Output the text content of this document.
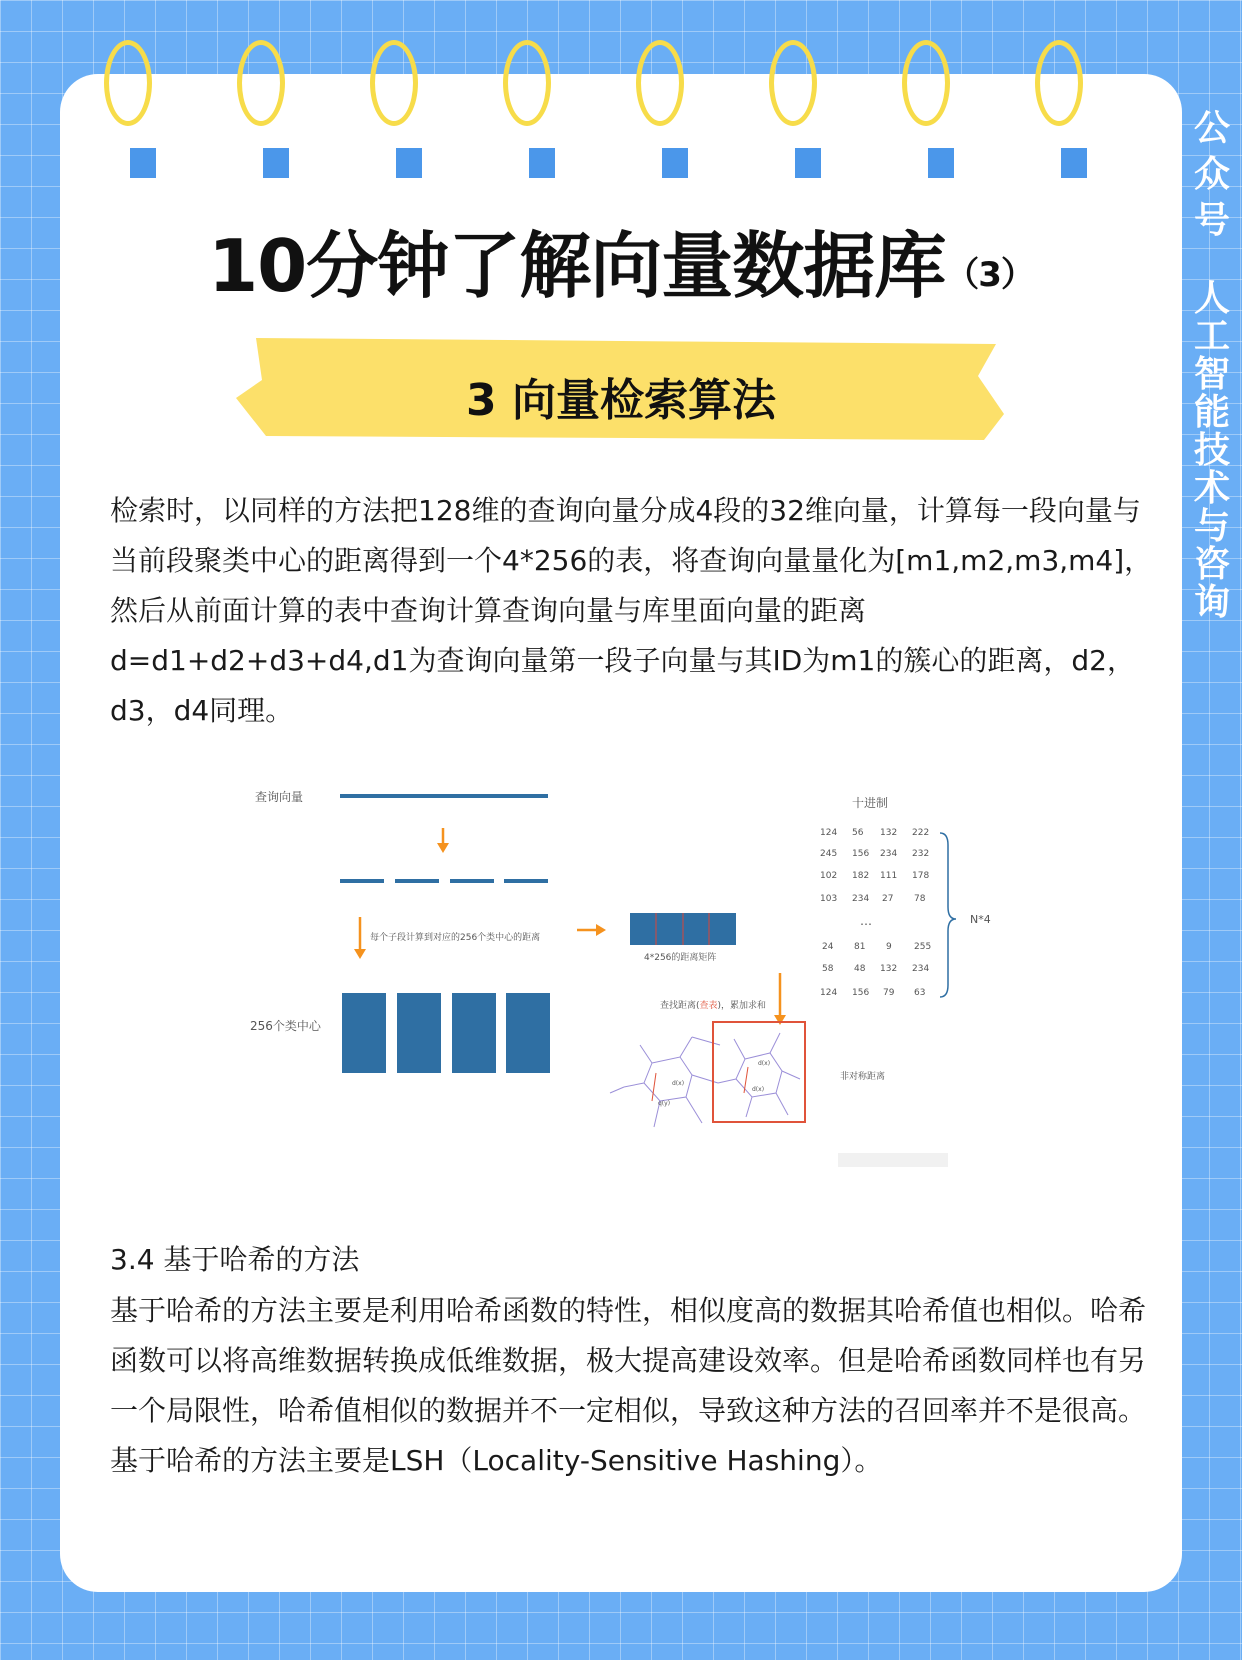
公
众
号
人
工
智
能
技
术
与
咨
询
10分钟了解向量数据库（3）
3 向量检索算法

检索时，以同样的方法把128维的查询向量分成4段的32维向量，计算每一段向量与当前段聚类中心的距离得到一个4*256的表，将查询向量量化为[m1,m2,m3,m4]，然后从前面计算的表中查询计算查询向量与库里面向量的距离d=d1+d2+d3+d4,d1为查询向量第一段子向量与其ID为m1的簇心的距离，d2，d3，d4同理。

查询向量
每个子段计算到对应的256个类中心的距离
256个类中心
4*256的距离矩阵
查找距离(查表)，累加求和
十进制
124 56 132 222
245 156 234 232
102 182 111 178
103 234 27 78
…
24 81 9 255
58 48 132 234
124 156 79 63
N*4
d(x)
q(y)
d(x)
d(x)
非对称距离
3.4 基于哈希的方法

基于哈希的方法主要是利用哈希函数的特性，相似度高的数据其哈希值也相似。哈希函数可以将高维数据转换成低维数据，极大提高建设效率。但是哈希函数同样也有另一个局限性，哈希值相似的数据并不一定相似，导致这种方法的召回率并不是很高。基于哈希的方法主要是LSH（Locality-Sensitive Hashing）。
